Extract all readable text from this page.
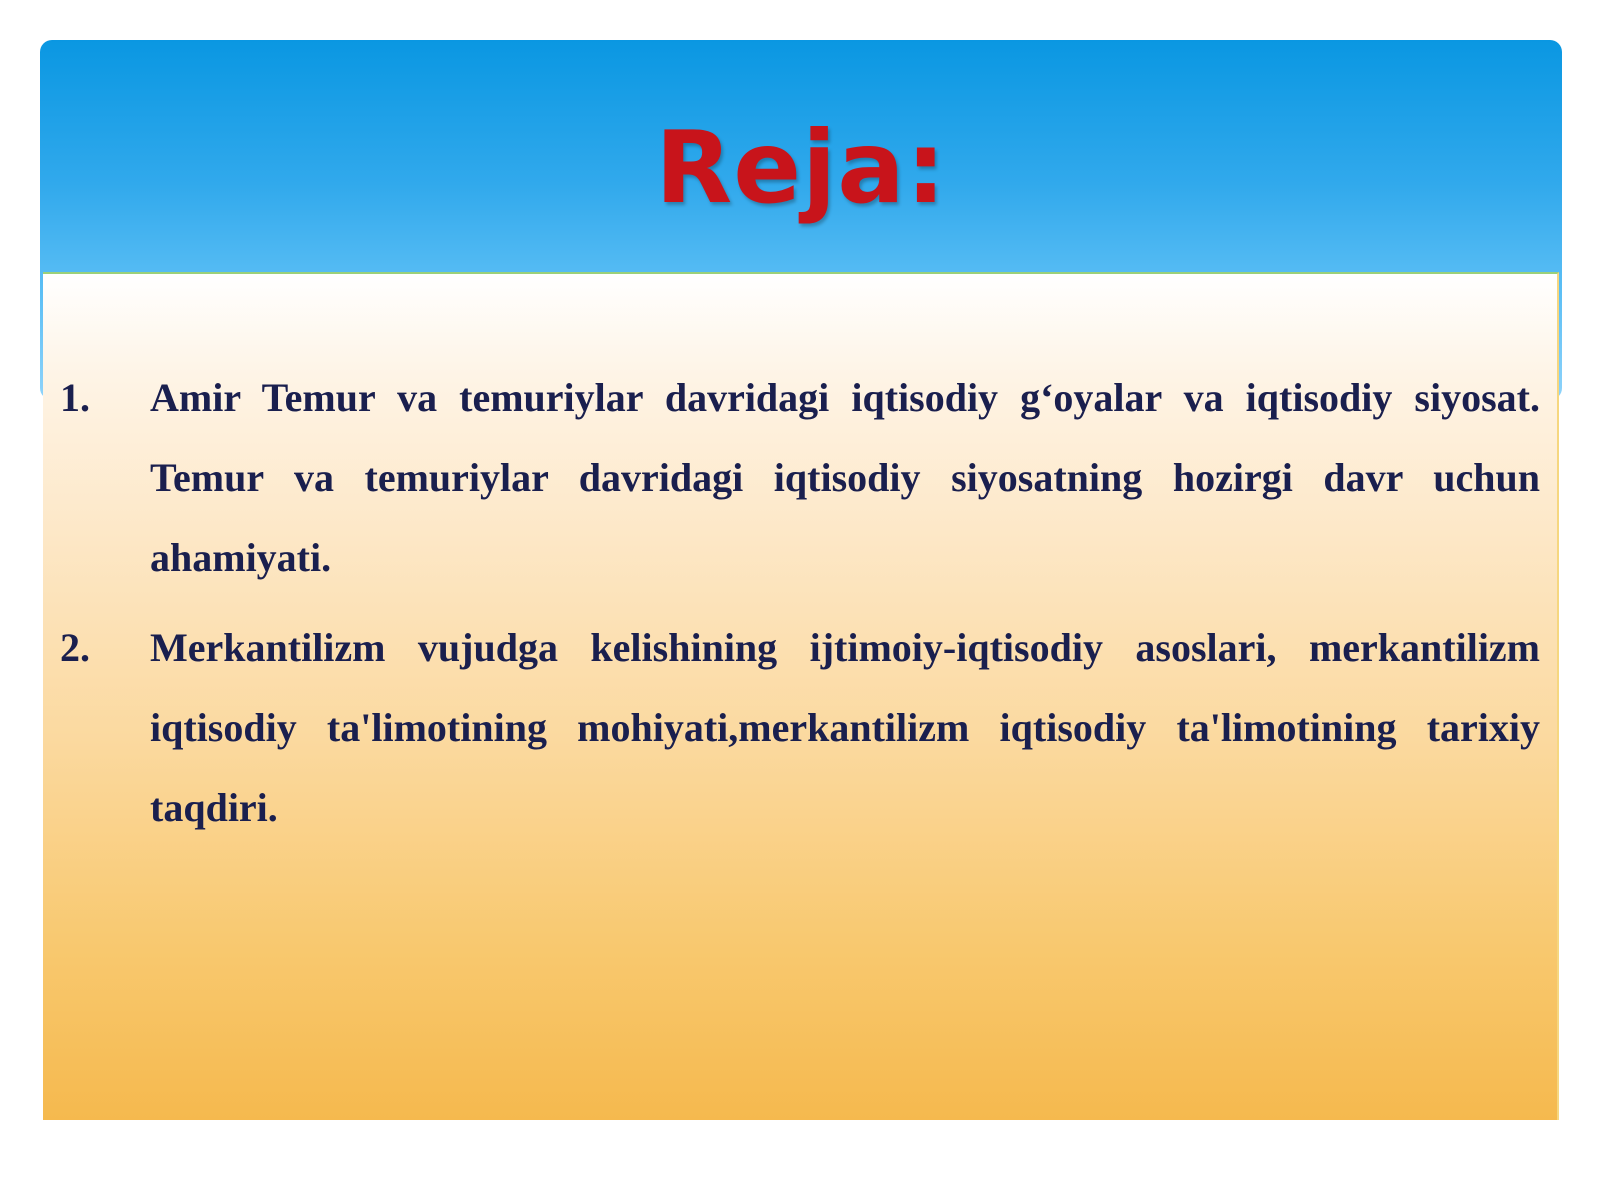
Reja:
1. Amir Temur va temuriylar davridagi iqtisodiy g‘oyalar va iqtisodiy siyosat. Temur va temuriylar davridagi iqtisodiy siyosatning hozirgi davr uchun ahamiyati.
2. Merkantilizm vujudga kelishining ijtimoiy-iqtisodiy asoslari, merkantilizm iqtisodiy ta'limotining mohiyati,merkantilizm iqtisodiy ta'limotining tarixiy taqdiri.
